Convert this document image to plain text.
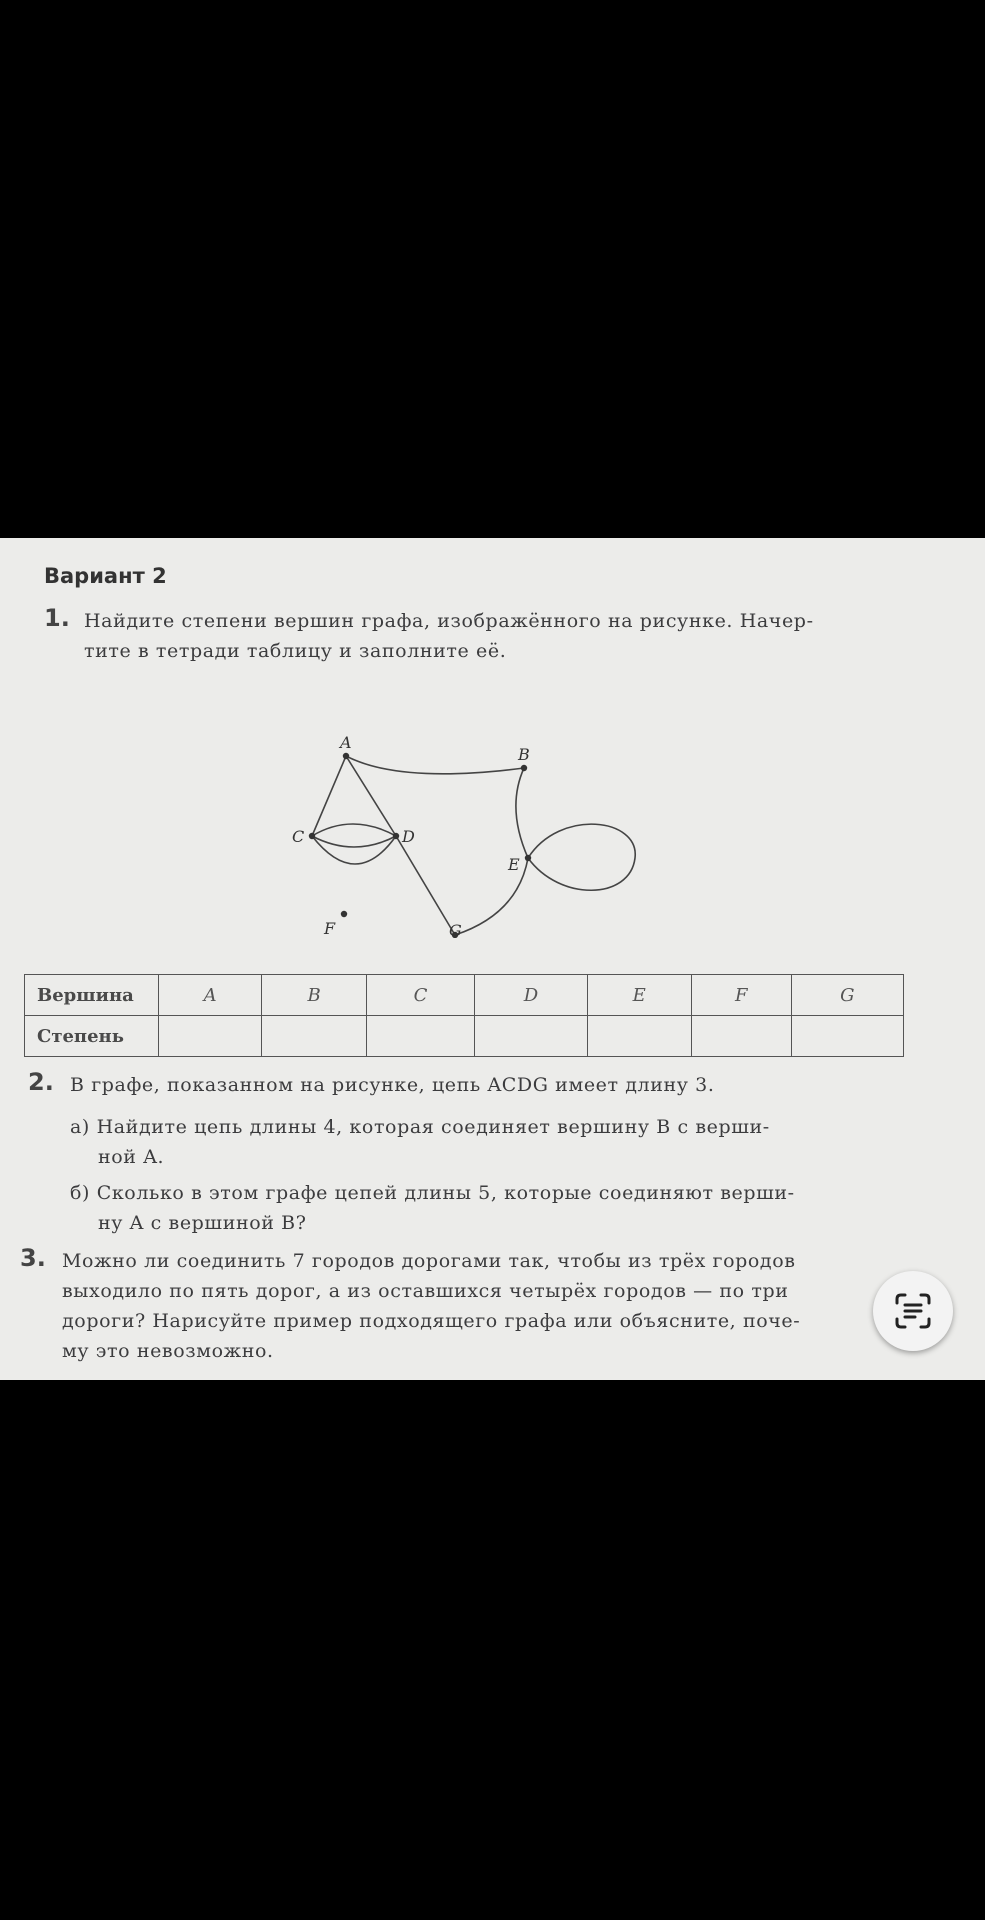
Вариант 2
1. Найдите степени вершин графа, изображённого на рисунке. Начер-
тите в тетради таблицу и заполните её.
A
B
C	D
E
F	G
Вершина	A	B	C	D	E	F	G
Степень							
2. В графе, показанном на рисунке, цепь ACDG имеет длину 3.
а) Найдите цепь длины 4, которая соединяет вершину B с верши-
ной A.
б) Сколько в этом графе цепей длины 5, которые соединяют верши-
ну A с вершиной B?
3. Можно ли соединить 7 городов дорогами так, чтобы из трёх городов
выходило по пять дорог, а из оставшихся четырёх городов — по три
дороги? Нарисуйте пример подходящего графа или объясните, поче-
му это невозможно.
